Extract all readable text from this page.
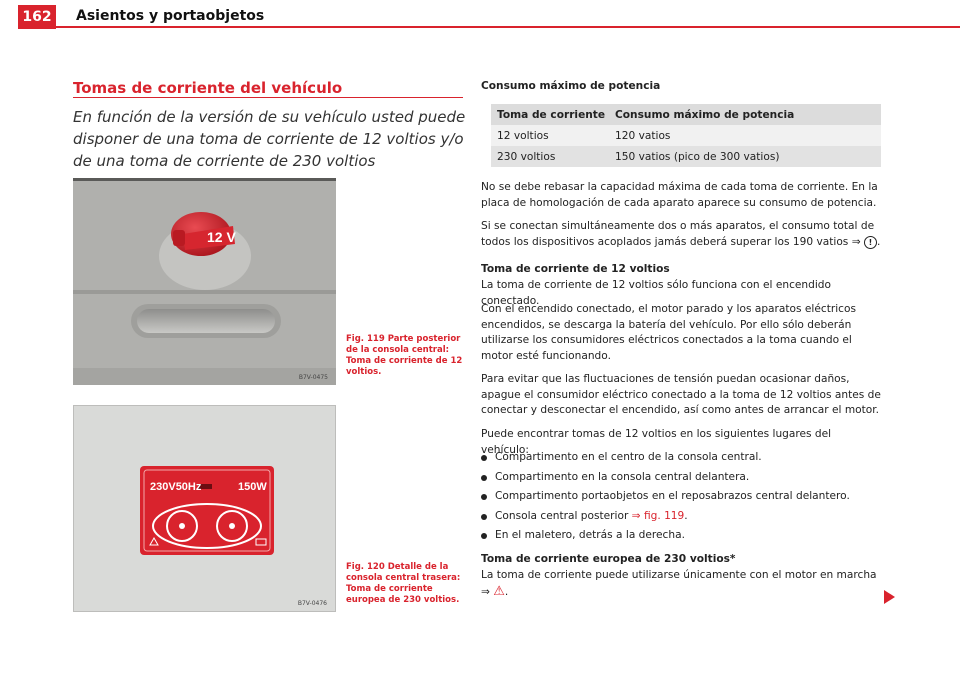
162	Asientos y portaobjetos
Tomas de corriente del vehículo
En función de la versión de su vehículo usted puede disponer de una toma de corriente de 12 voltios y/o de una toma de corriente de 230 voltios
12 V
B7V-0475
Fig. 119 Parte posterior de la consola central: Toma de corriente de 12 voltios.
230V50Hz	150W
B7V-0476
Fig. 120 Detalle de la consola central trasera: Toma de corriente europea de 230 voltios.
Consumo máximo de potencia
Toma de corriente	Consumo máximo de potencia
12 voltios	120 vatios
230 voltios	150 vatios (pico de 300 vatios)
No se debe rebasar la capacidad máxima de cada toma de corriente. En la placa de homologación de cada aparato aparece su consumo de potencia.
Si se conectan simultáneamente dos o más aparatos, el consumo total de todos los dispositivos acoplados jamás deberá superar los 190 vatios ⇒ ! .
Toma de corriente de 12 voltios
La toma de corriente de 12 voltios sólo funciona con el encendido conectado.
Con el encendido conectado, el motor parado y los aparatos eléctricos encendidos, se descarga la batería del vehículo. Por ello sólo deberán utilizarse los consumidores eléctricos conectados a la toma cuando el motor esté funcionando.
Para evitar que las fluctuaciones de tensión puedan ocasionar daños, apague el consumidor eléctrico conectado a la toma de 12 voltios antes de conectar y desconectar el encendido, así como antes de arrancar el motor.
Puede encontrar tomas de 12 voltios en los siguientes lugares del vehículo:
Compartimento en el centro de la consola central.
Compartimento en la consola central delantera.
Compartimento portaobjetos en el reposabrazos central delantero.
Consola central posterior ⇒ fig. 119.
En el maletero, detrás a la derecha.
Toma de corriente europea de 230 voltios*
La toma de corriente puede utilizarse únicamente con el motor en marcha
⇒ ⚠.
